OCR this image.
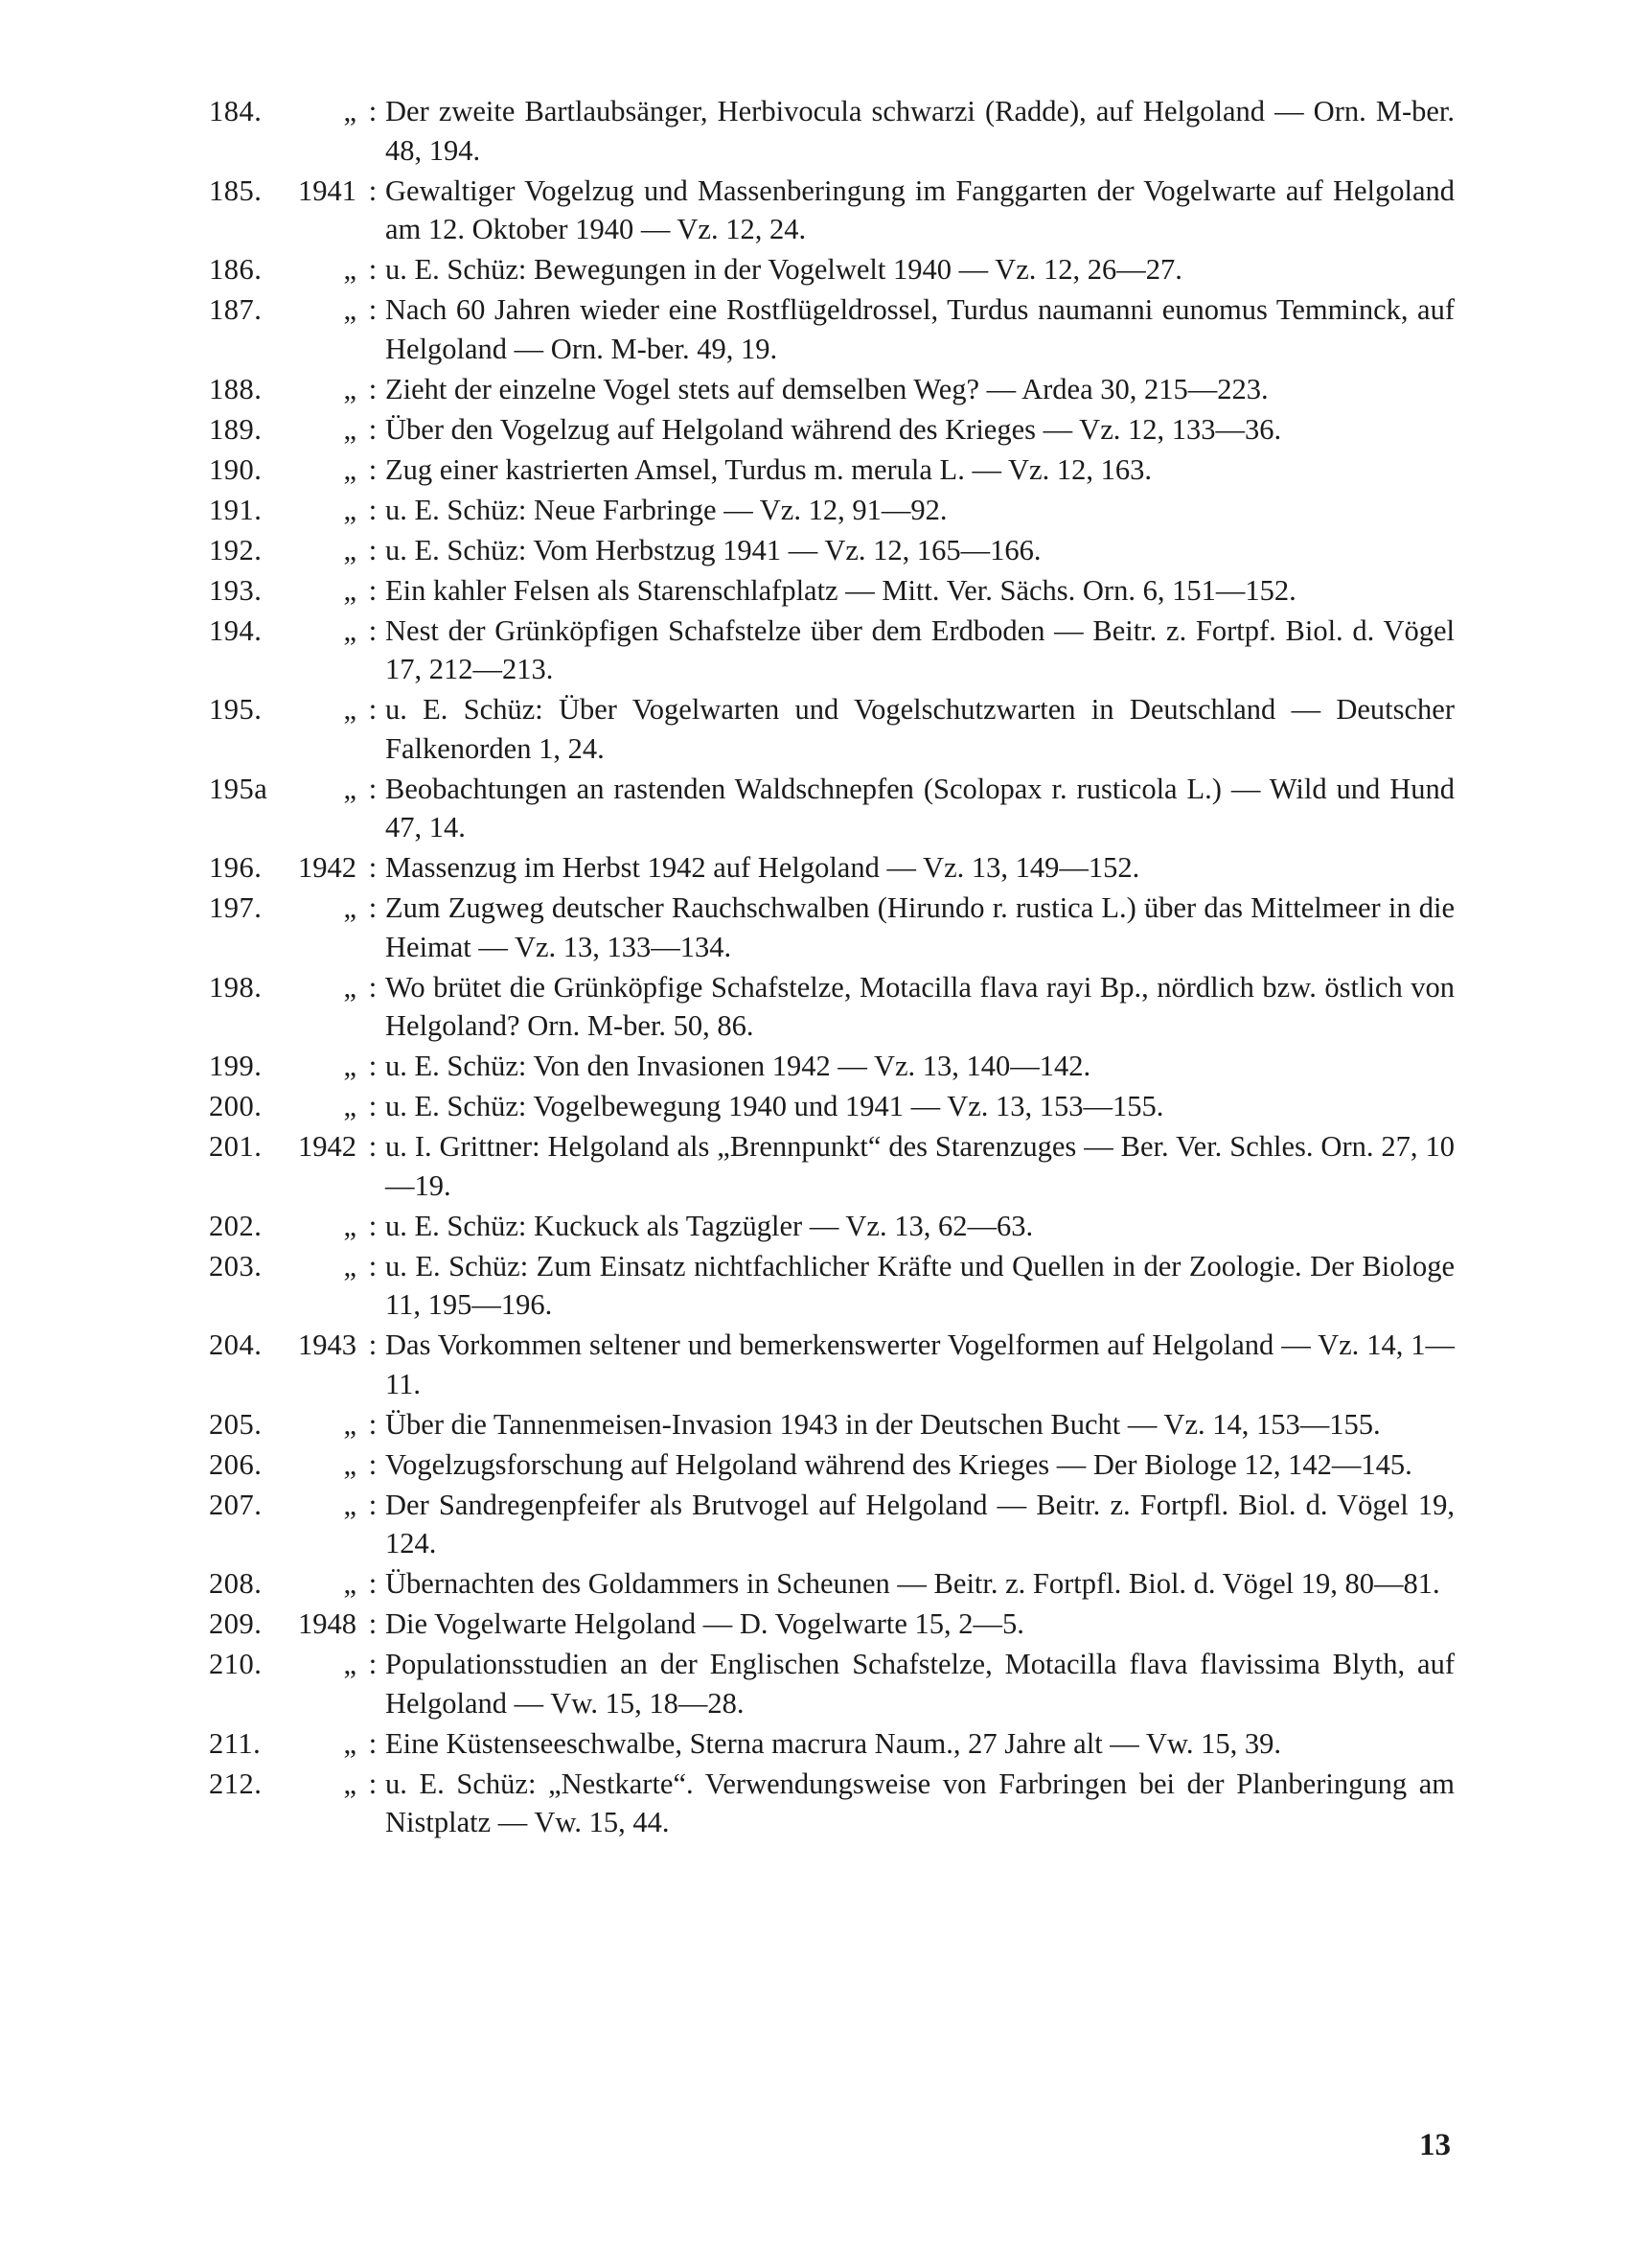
184.	„ : Der zweite Bartlaubsänger, Herbivocula schwarzi (Radde), auf Helgoland — Orn. M-ber. 48, 194.
185.	1941 : Gewaltiger Vogelzug und Massenberingung im Fanggarten der Vogelwarte auf Helgoland am 12. Oktober 1940 — Vz. 12, 24.
186.	„ : u. E. Schüz: Bewegungen in der Vogelwelt 1940 — Vz. 12, 26—27.
187.	„ : Nach 60 Jahren wieder eine Rostflügeldrossel, Turdus naumanni eunomus Temminck, auf Helgoland — Orn. M-ber. 49, 19.
188.	„ : Zieht der einzelne Vogel stets auf demselben Weg? — Ardea 30, 215—223.
189.	„ : Über den Vogelzug auf Helgoland während des Krieges — Vz. 12, 133—36.
190.	„ : Zug einer kastrierten Amsel, Turdus m. merula L. — Vz. 12, 163.
191.	„ : u. E. Schüz: Neue Farbringe — Vz. 12, 91—92.
192.	„ : u. E. Schüz: Vom Herbstzug 1941 — Vz. 12, 165—166.
193.	„ : Ein kahler Felsen als Starenschlafplatz — Mitt. Ver. Sächs. Orn. 6, 151—152.
194.	„ : Nest der Grünköpfigen Schafstelze über dem Erdboden — Beitr. z. Fortpf. Biol. d. Vögel 17, 212—213.
195.	„ : u. E. Schüz: Über Vogelwarten und Vogelschutzwarten in Deutschland — Deutscher Falkenorden 1, 24.
195a	„ : Beobachtungen an rastenden Waldschnepfen (Scolopax r. rusticola L.) — Wild und Hund 47, 14.
196.	1942 : Massenzug im Herbst 1942 auf Helgoland — Vz. 13, 149—152.
197.	„ : Zum Zugweg deutscher Rauchschwalben (Hirundo r. rustica L.) über das Mittelmeer in die Heimat — Vz. 13, 133—134.
198.	„ : Wo brütet die Grünköpfige Schafstelze, Motacilla flava rayi Bp., nördlich bzw. östlich von Helgoland? Orn. M-ber. 50, 86.
199.	„ : u. E. Schüz: Von den Invasionen 1942 — Vz. 13, 140—142.
200.	„ : u. E. Schüz: Vogelbewegung 1940 und 1941 — Vz. 13, 153—155.
201.	1942 : u. I. Grittner: Helgoland als „Brennpunkt“ des Starenzuges — Ber. Ver. Schles. Orn. 27, 10—19.
202.	„ : u. E. Schüz: Kuckuck als Tagzügler — Vz. 13, 62—63.
203.	„ : u. E. Schüz: Zum Einsatz nichtfachlicher Kräfte und Quellen in der Zoologie. Der Biologe 11, 195—196.
204.	1943 : Das Vorkommen seltener und bemerkenswerter Vogelformen auf Helgoland — Vz. 14, 1—11.
205.	„ : Über die Tannenmeisen-Invasion 1943 in der Deutschen Bucht — Vz. 14, 153—155.
206.	„ : Vogelzugsforschung auf Helgoland während des Krieges — Der Biologe 12, 142—145.
207.	„ : Der Sandregenpfeifer als Brutvogel auf Helgoland — Beitr. z. Fortpfl. Biol. d. Vögel 19, 124.
208.	„ : Übernachten des Goldammers in Scheunen — Beitr. z. Fortpfl. Biol. d. Vögel 19, 80—81.
209.	1948 : Die Vogelwarte Helgoland — D. Vogelwarte 15, 2—5.
210.	„ : Populationsstudien an der Englischen Schafstelze, Motacilla flava flavissima Blyth, auf Helgoland — Vw. 15, 18—28.
211.	„ : Eine Küstenseeschwalbe, Sterna macrura Naum., 27 Jahre alt — Vw. 15, 39.
212.	„ : u. E. Schüz: „Nestkarte“. Verwendungsweise von Farbringen bei der Planberingung am Nistplatz — Vw. 15, 44.
13
